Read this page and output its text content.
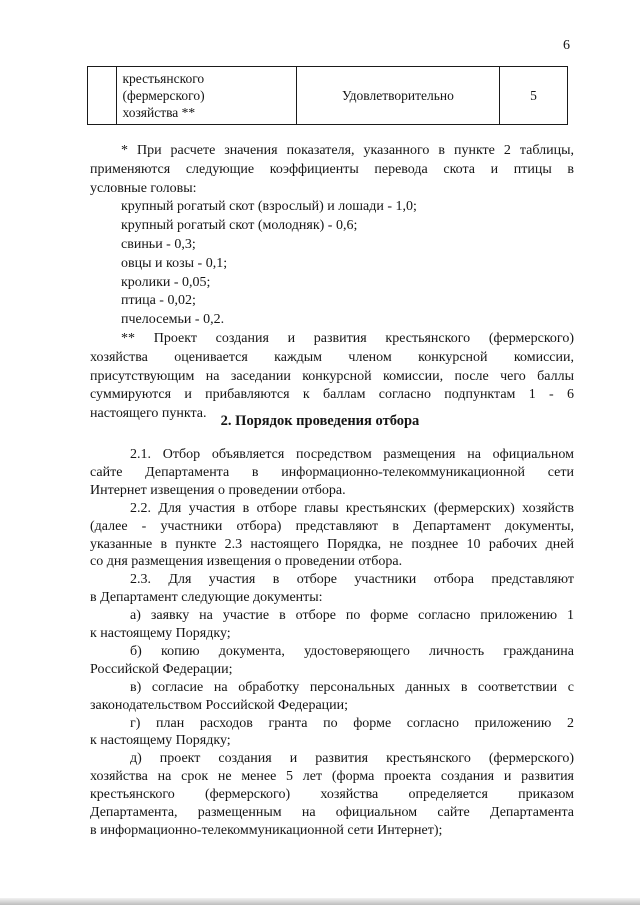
6

крестьянского
(фермерского)
хозяйства **
	Удовлетворительно	5
* При расчете значения показателя, указанного в пункте 2 таблицы,
применяются следующие коэффициенты перевода скота и птицы в
условные головы:
крупный рогатый скот (взрослый) и лошади - 1,0;
крупный рогатый скот (молодняк) - 0,6;
свиньи - 0,3;
овцы и козы - 0,1;
кролики - 0,05;
птица - 0,02;
пчелосемьи - 0,2.
** Проект создания и развития крестьянского (фермерского)
хозяйства оценивается каждым членом конкурсной комиссии,
присутствующим на заседании конкурсной комиссии, после чего баллы
суммируются и прибавляются к баллам согласно подпунктам 1 - 6
настоящего пункта. 2. Порядок проведения отбора
2.1. Отбор объявляется посредством размещения на официальном
сайте Департамента в информационно-телекоммуникационной сети
Интернет извещения о проведении отбора.
2.2. Для участия в отборе главы крестьянских (фермерских) хозяйств
(далее - участники отбора) представляют в Департамент документы,
указанные в пункте 2.3 настоящего Порядка, не позднее 10 рабочих дней
со дня размещения извещения о проведении отбора.
2.3. Для участия в отборе участники отбора представляют
в Департамент следующие документы:
а) заявку на участие в отборе по форме согласно приложению 1
к настоящему Порядку;
б) копию документа, удостоверяющего личность гражданина
Российской Федерации;
в) согласие на обработку персональных данных в соответствии с
законодательством Российской Федерации;
г) план расходов гранта по форме согласно приложению 2
к настоящему Порядку;
д) проект создания и развития крестьянского (фермерского)
хозяйства на срок не менее 5 лет (форма проекта создания и развития
крестьянского (фермерского) хозяйства определяется приказом
Департамента, размещенным на официальном сайте Департамента
в информационно-телекоммуникационной сети Интернет);
